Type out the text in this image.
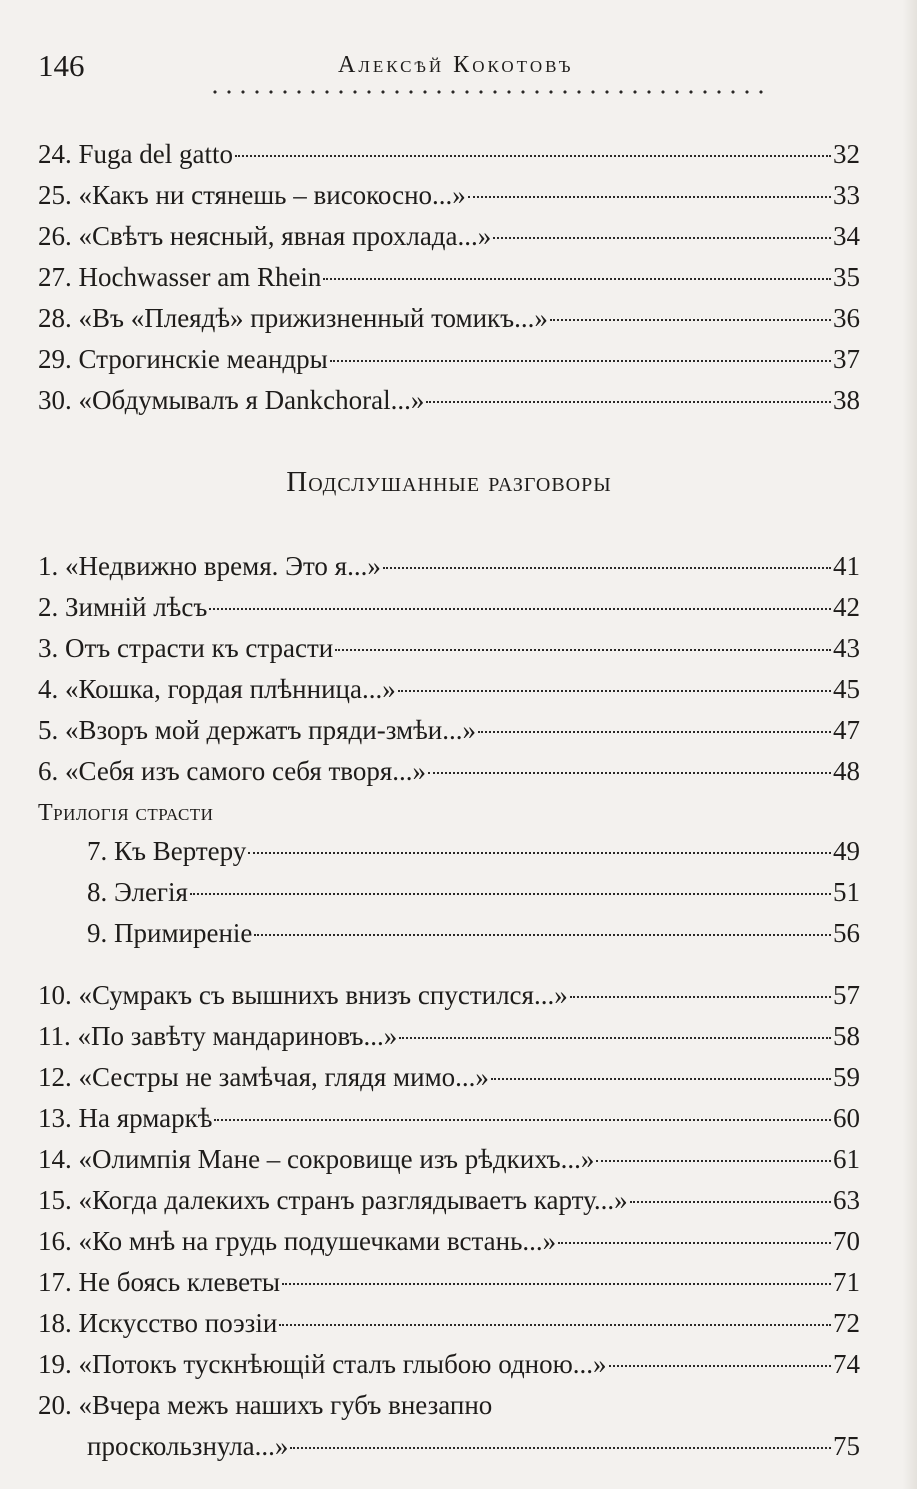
146	Алексѣй Кокотовъ
24. Fuga del gatto	32
25. «Какъ ни стянешь – високосно...»	33
26. «Свѣтъ неясный, явная прохлада...»	34
27. Hochwasser am Rhein	35
28. «Въ «Плеядѣ» прижизненный томикъ...»	36
29. Строгинскіе меандры	37
30. «Обдумывалъ я Dankchoral...»	38
Подслушанные разговоры
1. «Недвижно время. Это я...»	41
2. Зимній лѣсъ	42
3. Отъ страсти къ страсти	43
4. «Кошка, гордая плѣнница...»	45
5. «Взоръ мой держатъ пряди-змѣи...»	47
6. «Себя изъ самого себя творя...»	48
Трилогія страсти
7. Къ Вертеру	49
8. Элегія	51
9. Примиреніе	56
10. «Сумракъ съ вышнихъ внизъ спустился...»	57
11. «По завѣту мандариновъ...»	58
12. «Сестры не замѣчая, глядя мимо...»	59
13. На ярмаркѣ	60
14. «Олимпія Мане – сокровище изъ рѣдкихъ...»	61
15. «Когда далекихъ странъ разглядываетъ карту...»	63
16. «Ко мнѣ на грудь подушечками встань...»	70
17. Не боясь клеветы	71
18. Искусство поэзіи	72
19. «Потокъ тускнѣющій сталъ глыбою одною...»	74
20. «Вчера межъ нашихъ губъ внезапно
проскользнула...»	75
